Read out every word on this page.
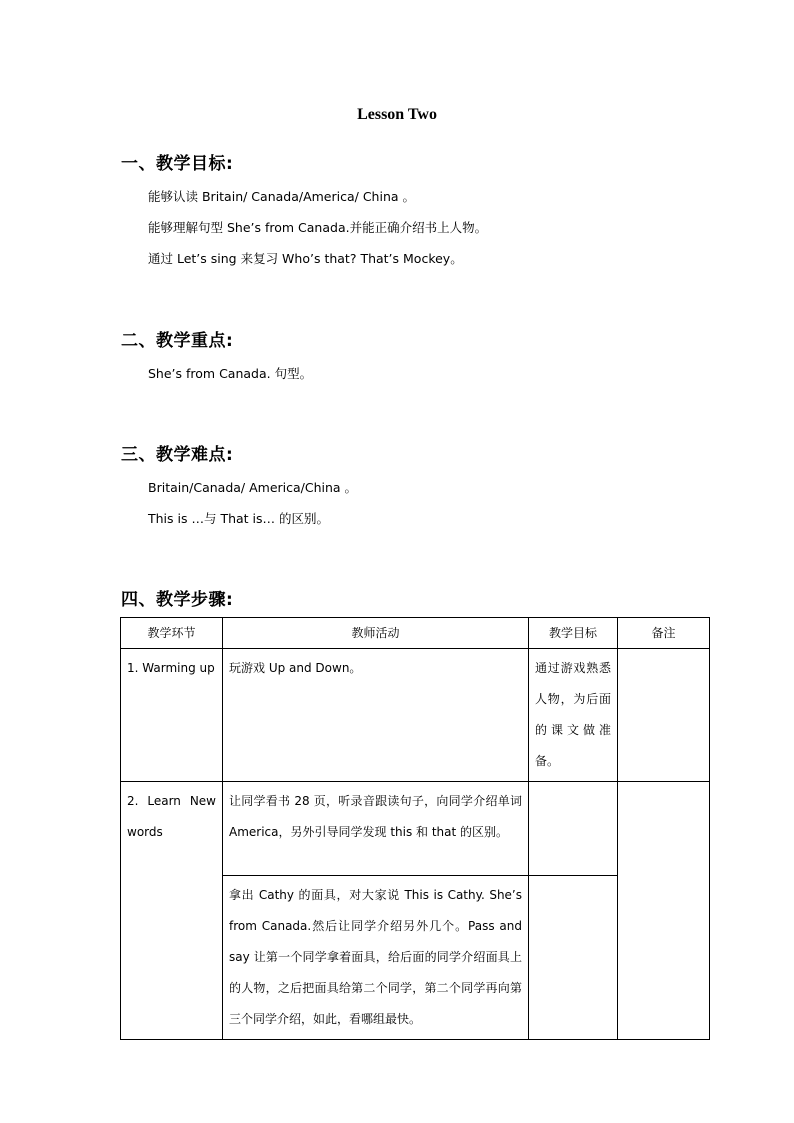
Lesson Two
一、教学目标:
能够认读 Britain/ Canada/America/ China 。
能够理解句型 She’s from Canada.并能正确介绍书上人物。
通过 Let’s sing 来复习 Who’s that? That’s Mockey。
二、教学重点:
She’s from Canada. 句型。
三、教学难点:
Britain/Canada/ America/China 。
This is …与 That is… 的区别。
四、教学步骤:
教学环节	教师活动	教学目标	备注
1. Warming up	玩游戏 Up and Down。	通过游戏熟悉人物，为后面的课文做准备。	
2. Learn New words	让同学看书 28 页，听录音跟读句子，向同学介绍单词 America，另外引导同学发现 this 和 that 的区别。		
	拿出 Cathy 的面具，对大家说 This is Cathy. She’s from Canada.然后让同学介绍另外几个。Pass and say 让第一个同学拿着面具，给后面的同学介绍面具上的人物，之后把面具给第二个同学，第二个同学再向第三个同学介绍，如此，看哪组最快。		
